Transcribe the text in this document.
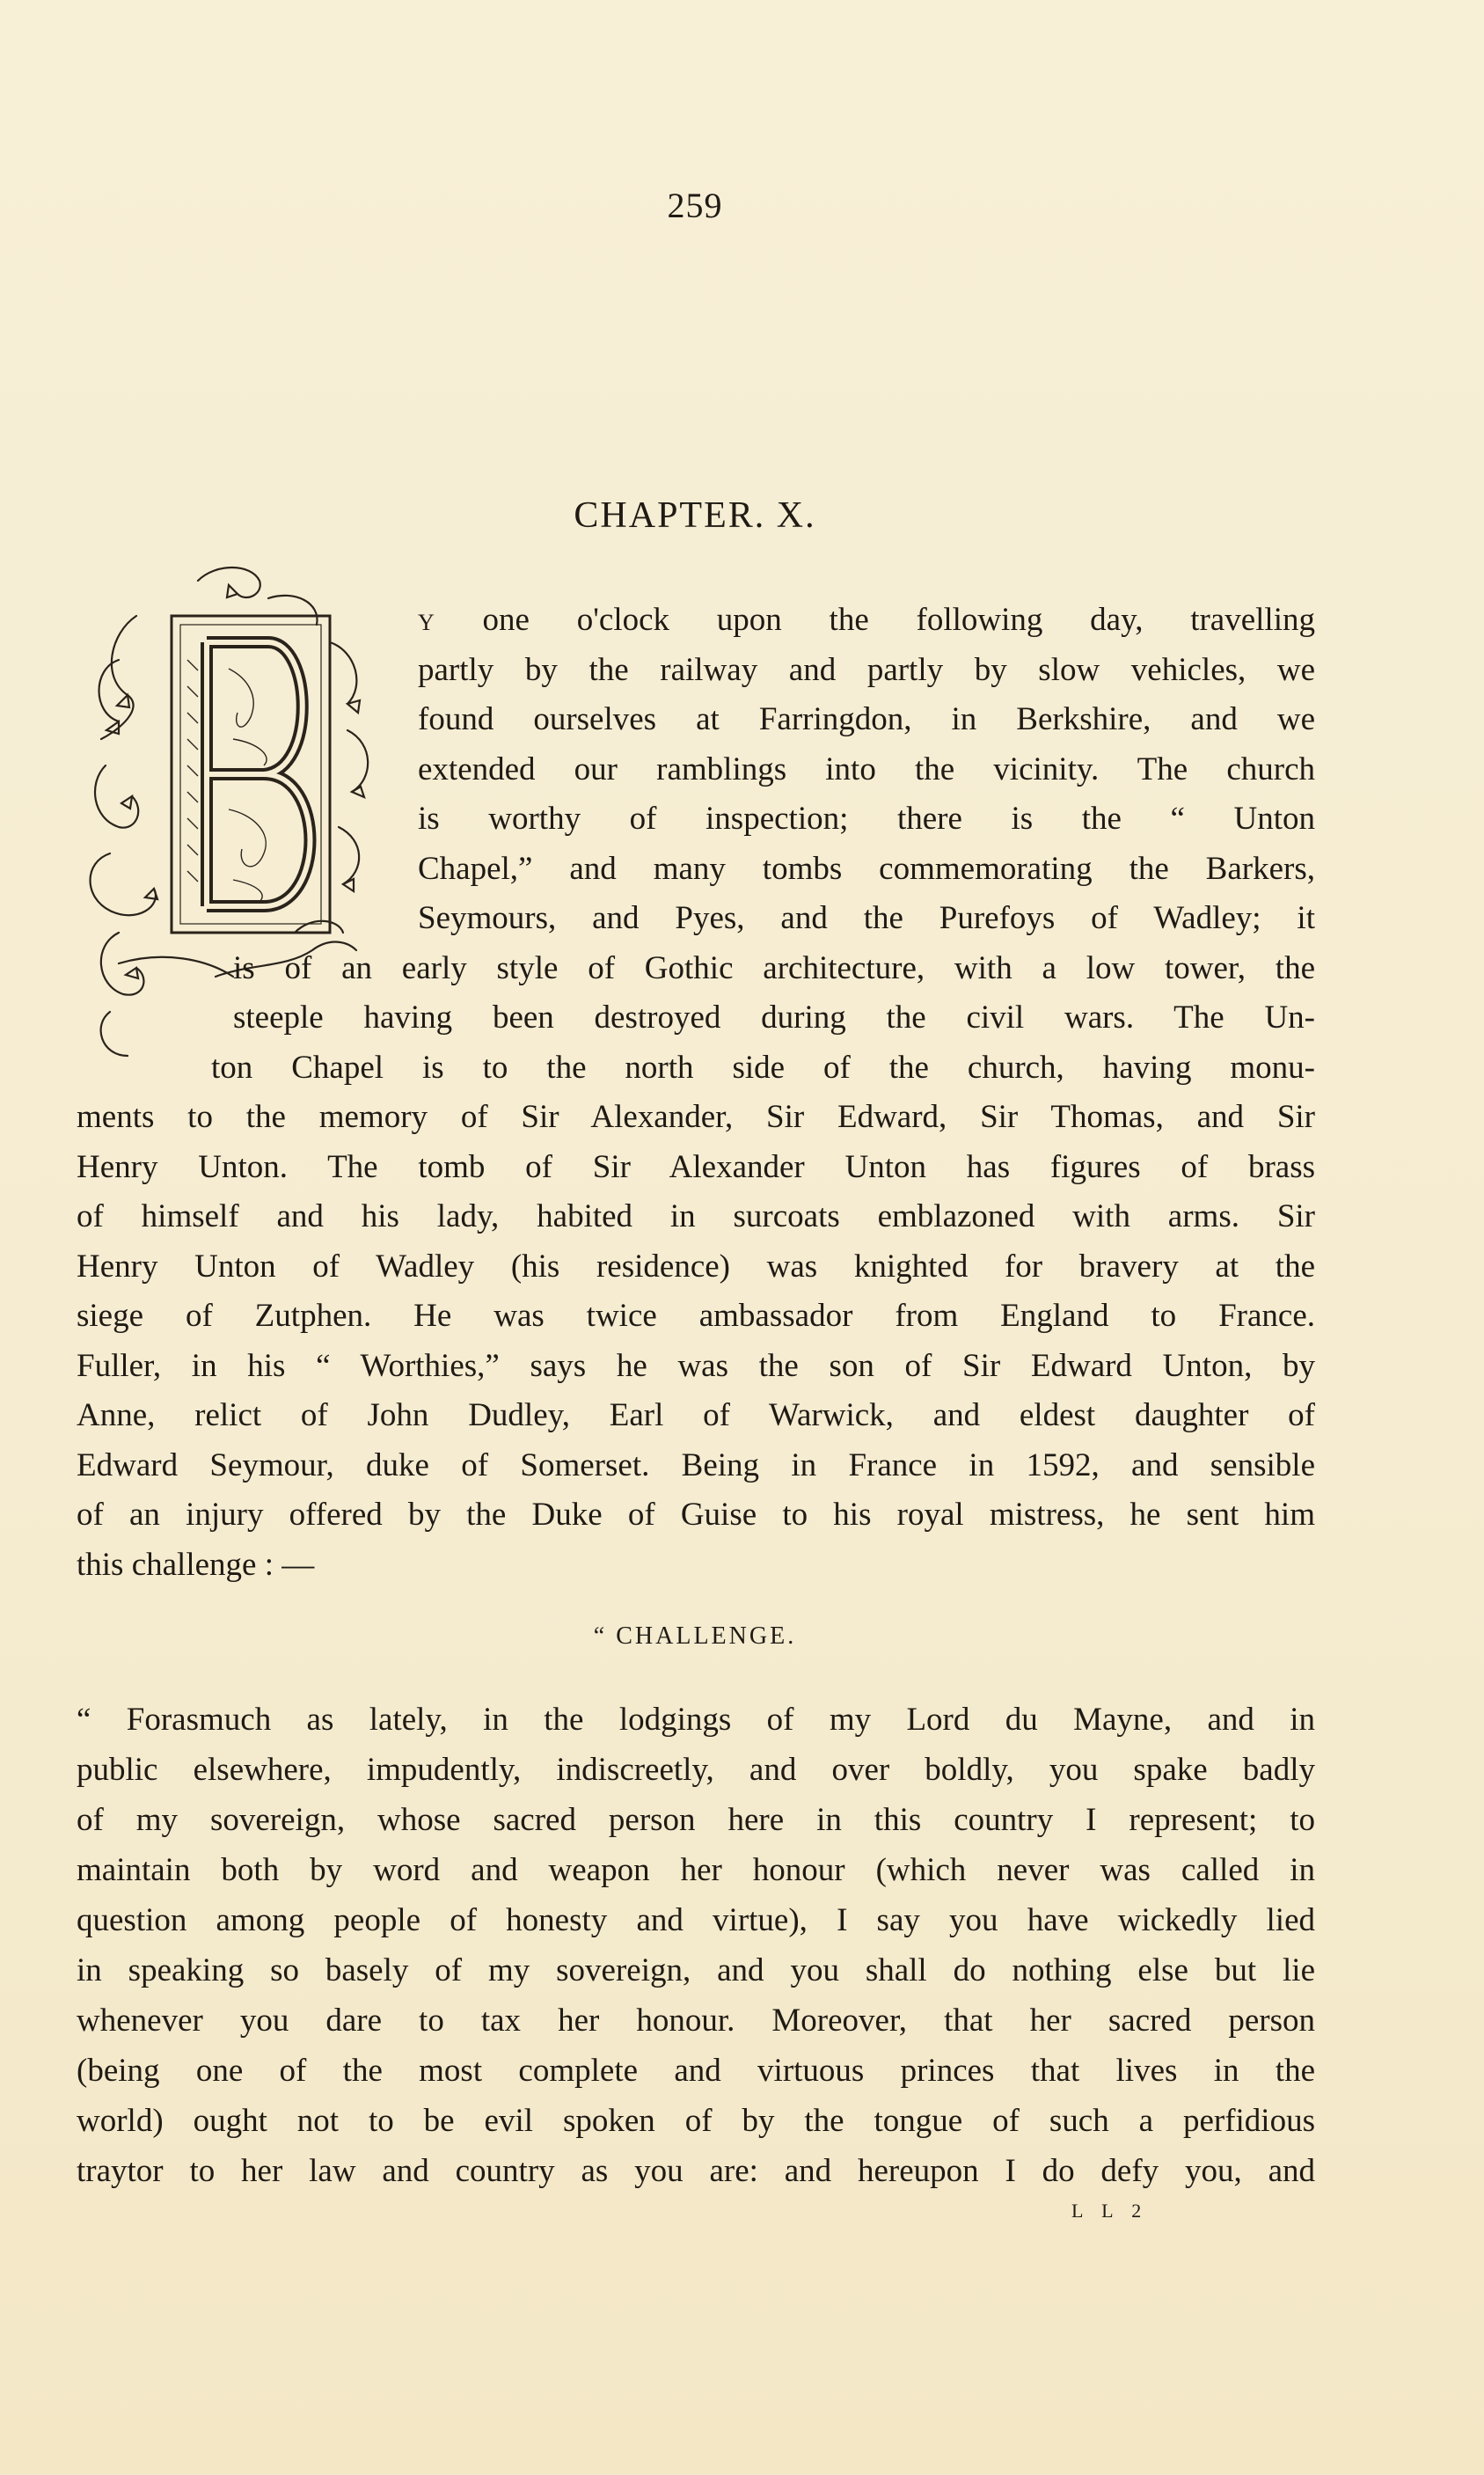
259
CHAPTER. X.
Y one o'clock upon the following day, travelling
partly by the railway and partly by slow vehicles, we
found ourselves at Farringdon, in Berkshire, and we
extended our ramblings into the vicinity. The church
is worthy of inspection; there is the “ Unton
Chapel,” and many tombs commemorating the Barkers,
Seymours, and Pyes, and the Purefoys of Wadley; it
is of an early style of Gothic architecture, with a low tower, the
steeple having been destroyed during the civil wars. The Un-
ton Chapel is to the north side of the church, having monu-
ments to the memory of Sir Alexander, Sir Edward, Sir Thomas, and Sir
Henry Unton. The tomb of Sir Alexander Unton has figures of brass
of himself and his lady, habited in surcoats emblazoned with arms. Sir
Henry Unton of Wadley (his residence) was knighted for bravery at the
siege of Zutphen. He was twice ambassador from England to France.
Fuller, in his “ Worthies,” says he was the son of Sir Edward Unton, by
Anne, relict of John Dudley, Earl of Warwick, and eldest daughter of
Edward Seymour, duke of Somerset. Being in France in 1592, and sensible
of an injury offered by the Duke of Guise to his royal mistress, he sent him
this challenge : —
“ CHALLENGE.
“ Forasmuch as lately, in the lodgings of my Lord du Mayne, and in
public elsewhere, impudently, indiscreetly, and over boldly, you spake badly
of my sovereign, whose sacred person here in this country I represent; to
maintain both by word and weapon her honour (which never was called in
question among people of honesty and virtue), I say you have wickedly lied
in speaking so basely of my sovereign, and you shall do nothing else but lie
whenever you dare to tax her honour. Moreover, that her sacred person
(being one of the most complete and virtuous princes that lives in the
world) ought not to be evil spoken of by the tongue of such a perfidious
traytor to her law and country as you are: and hereupon I do defy you, and
L L 2
